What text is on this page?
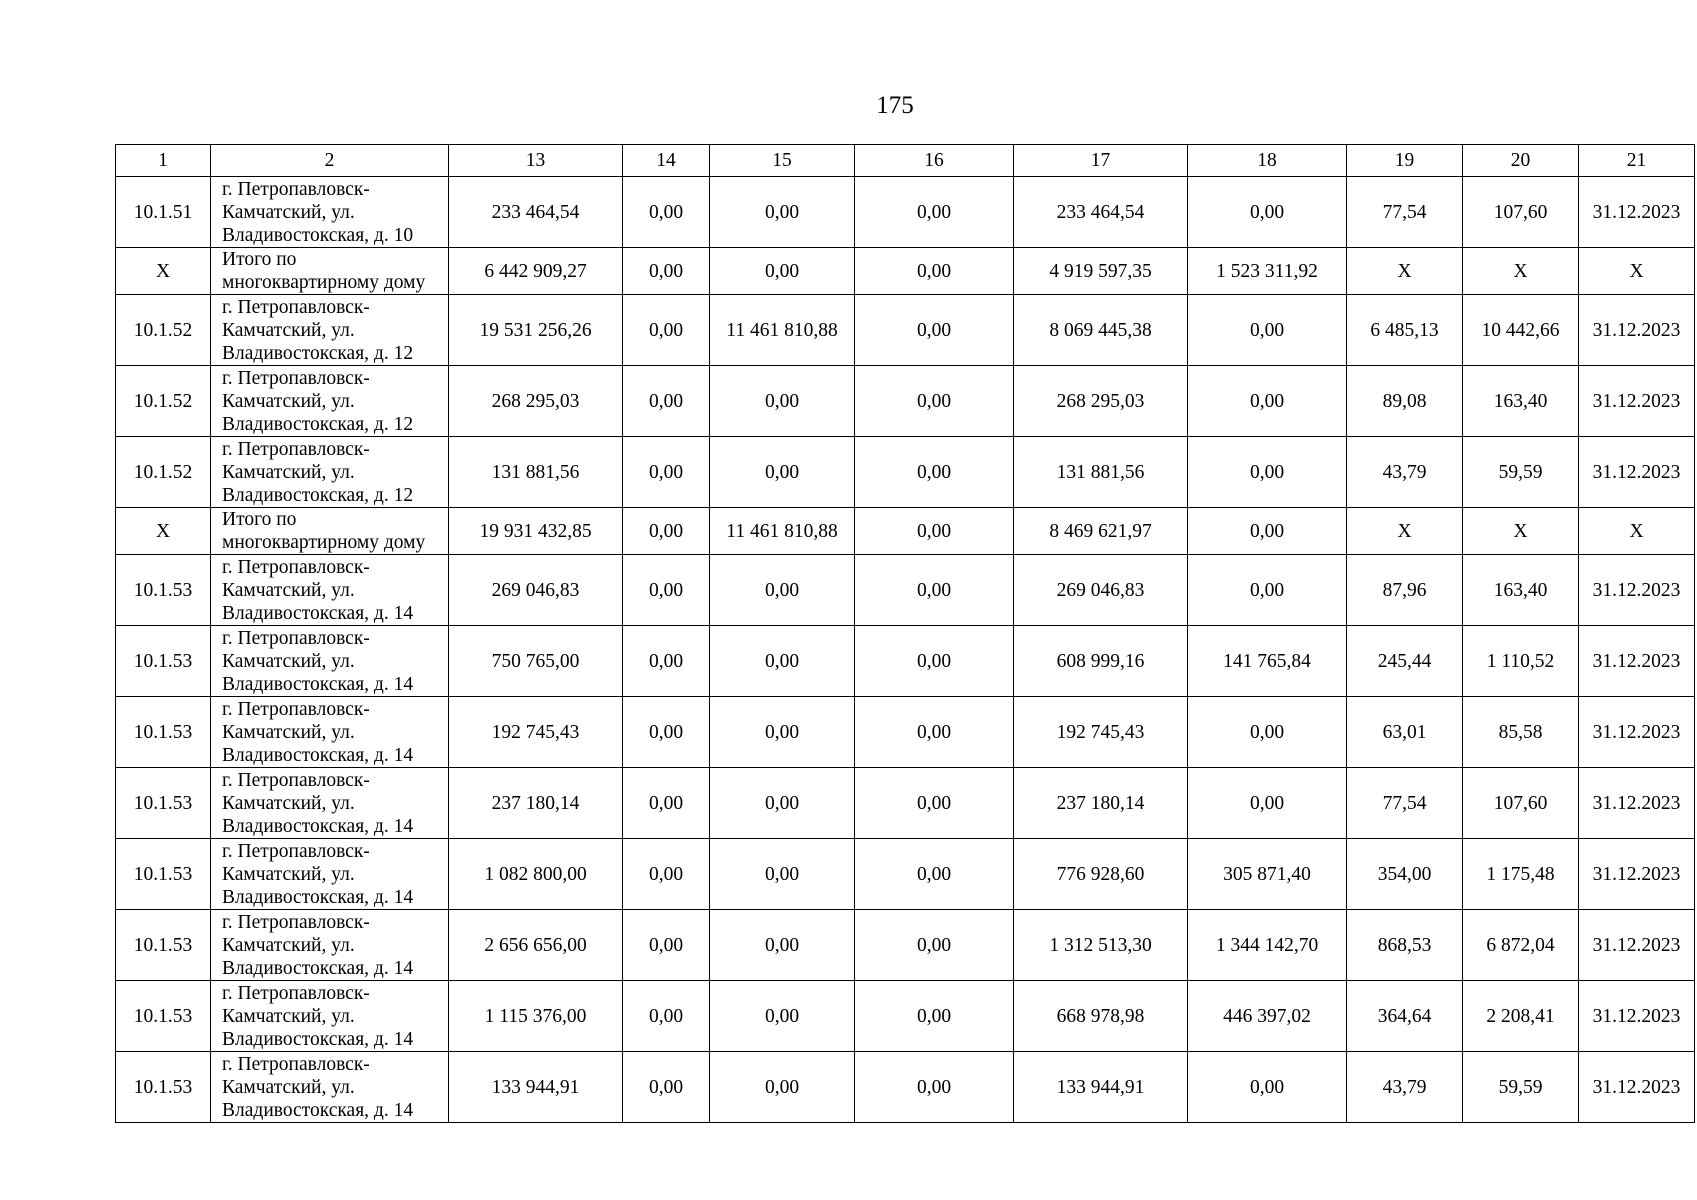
175
1	2	13	14	15	16	17	18	19	20	21
10.1.51	г. Петропавловск-
Камчатский, ул.
Владивостокская, д. 10	233 464,54	0,00	0,00	0,00	233 464,54	0,00	77,54	107,60	31.12.2023
Х	Итого по
многоквартирному дому	6 442 909,27	0,00	0,00	0,00	4 919 597,35	1 523 311,92	Х	Х	Х
10.1.52	г. Петропавловск-
Камчатский, ул.
Владивостокская, д. 12	19 531 256,26	0,00	11 461 810,88	0,00	8 069 445,38	0,00	6 485,13	10 442,66	31.12.2023
10.1.52	г. Петропавловск-
Камчатский, ул.
Владивостокская, д. 12	268 295,03	0,00	0,00	0,00	268 295,03	0,00	89,08	163,40	31.12.2023
10.1.52	г. Петропавловск-
Камчатский, ул.
Владивостокская, д. 12	131 881,56	0,00	0,00	0,00	131 881,56	0,00	43,79	59,59	31.12.2023
Х	Итого по
многоквартирному дому	19 931 432,85	0,00	11 461 810,88	0,00	8 469 621,97	0,00	Х	Х	Х
10.1.53	г. Петропавловск-
Камчатский, ул.
Владивостокская, д. 14	269 046,83	0,00	0,00	0,00	269 046,83	0,00	87,96	163,40	31.12.2023
10.1.53	г. Петропавловск-
Камчатский, ул.
Владивостокская, д. 14	750 765,00	0,00	0,00	0,00	608 999,16	141 765,84	245,44	1 110,52	31.12.2023
10.1.53	г. Петропавловск-
Камчатский, ул.
Владивостокская, д. 14	192 745,43	0,00	0,00	0,00	192 745,43	0,00	63,01	85,58	31.12.2023
10.1.53	г. Петропавловск-
Камчатский, ул.
Владивостокская, д. 14	237 180,14	0,00	0,00	0,00	237 180,14	0,00	77,54	107,60	31.12.2023
10.1.53	г. Петропавловск-
Камчатский, ул.
Владивостокская, д. 14	1 082 800,00	0,00	0,00	0,00	776 928,60	305 871,40	354,00	1 175,48	31.12.2023
10.1.53	г. Петропавловск-
Камчатский, ул.
Владивостокская, д. 14	2 656 656,00	0,00	0,00	0,00	1 312 513,30	1 344 142,70	868,53	6 872,04	31.12.2023
10.1.53	г. Петропавловск-
Камчатский, ул.
Владивостокская, д. 14	1 115 376,00	0,00	0,00	0,00	668 978,98	446 397,02	364,64	2 208,41	31.12.2023
10.1.53	г. Петропавловск-
Камчатский, ул.
Владивостокская, д. 14	133 944,91	0,00	0,00	0,00	133 944,91	0,00	43,79	59,59	31.12.2023
